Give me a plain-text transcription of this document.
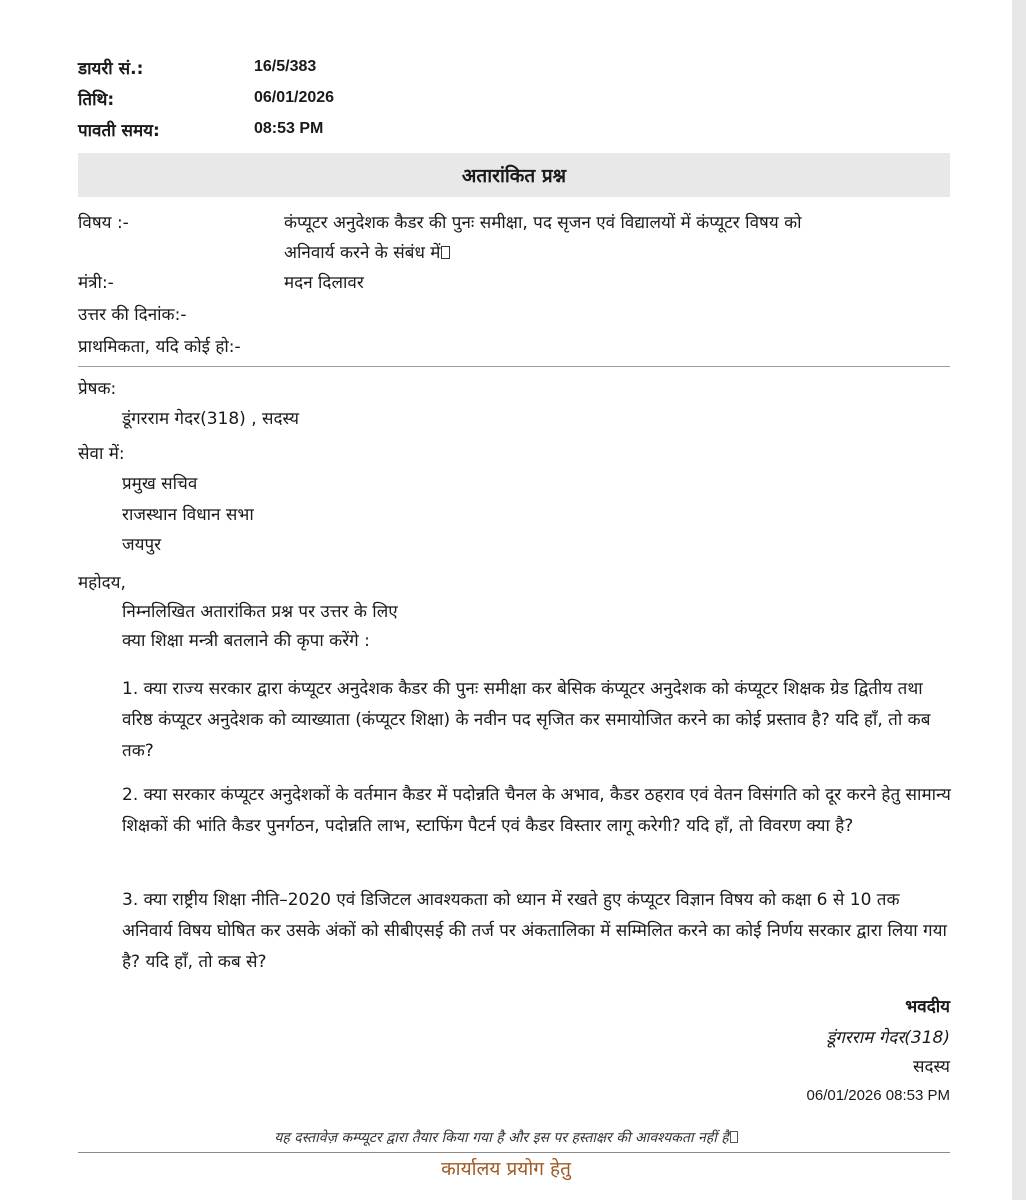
डायरी सं.:	16/5/383
तिथि:	06/01/2026
पावती समय:	08:53 PM
अतारांकित प्रश्न
विषय :-	कंप्यूटर अनुदेशक कैडर की पुनः समीक्षा, पद सृजन एवं विद्यालयों में कंप्यूटर विषय को
अनिवार्य करने के संबंध में
मंत्री:-	मदन दिलावर
उत्तर की दिनांक:-
प्राथमिकता, यदि कोई हो:-
प्रेषक:
डूंगरराम गेदर(318) , सदस्य
सेवा में:
प्रमुख सचिव
राजस्थान विधान सभा
जयपुर
महोदय,
निम्नलिखित अतारांकित प्रश्न पर उत्तर के लिए
क्या शिक्षा मन्त्री बतलाने की कृपा करेंगे :
1. क्या राज्य सरकार द्वारा कंप्यूटर अनुदेशक कैडर की पुनः समीक्षा कर बेसिक कंप्यूटर अनुदेशक को कंप्यूटर शिक्षक ग्रेड द्वितीय तथा वरिष्ठ कंप्यूटर अनुदेशक को व्याख्याता (कंप्यूटर शिक्षा) के नवीन पद सृजित कर समायोजित करने का कोई प्रस्ताव है? यदि हाँ, तो कब तक?
2. क्या सरकार कंप्यूटर अनुदेशकों के वर्तमान कैडर में पदोन्नति चैनल के अभाव, कैडर ठहराव एवं वेतन विसंगति को दूर करने हेतु सामान्य शिक्षकों की भांति कैडर पुनर्गठन, पदोन्नति लाभ, स्टाफिंग पैटर्न एवं कैडर विस्तार लागू करेगी? यदि हाँ, तो विवरण क्या है?
3. क्या राष्ट्रीय शिक्षा नीति–2020 एवं डिजिटल आवश्यकता को ध्यान में रखते हुए कंप्यूटर विज्ञान विषय को कक्षा 6 से 10 तक अनिवार्य विषय घोषित कर उसके अंकों को सीबीएसई की तर्ज पर अंकतालिका में सम्मिलित करने का कोई निर्णय सरकार द्वारा लिया गया है? यदि हाँ, तो कब से?
भवदीय
डूंगरराम गेदर(318)
सदस्य
06/01/2026 08:53 PM
यह दस्तावेज़ कम्प्यूटर द्वारा तैयार किया गया है और इस पर हस्ताक्षर की आवश्यकता नहीं है
कार्यालय प्रयोग हेतु
